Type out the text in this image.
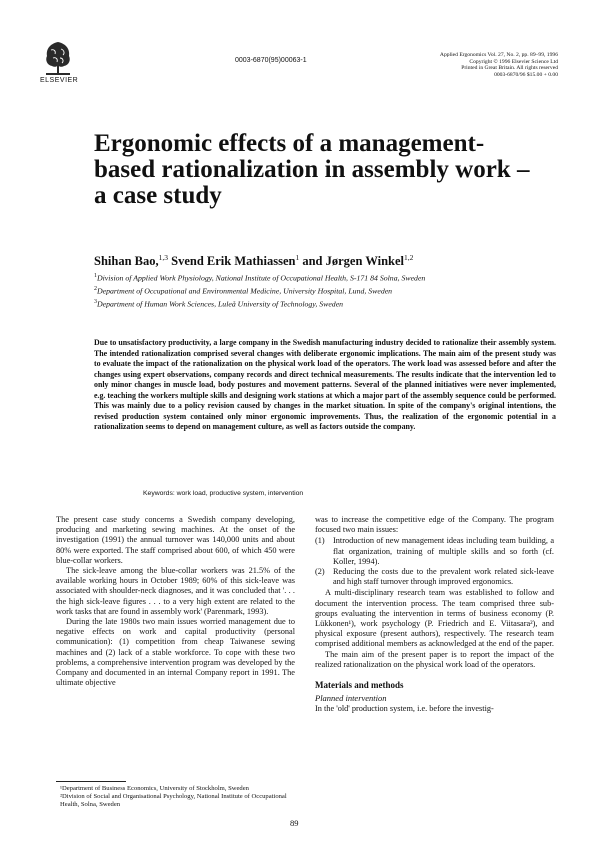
ELSEVIER
0003-6870(95)00063-1
Applied Ergonomics Vol. 27, No. 2, pp. 89–99, 1996
Copyright © 1996 Elsevier Science Ltd
Printed in Great Britain. All rights reserved
0003-6870/96 $15.00 + 0.00
Ergonomic effects of a management-based rationalization in assembly work – a case study
Shihan Bao,$^{1,3}$ Svend Erik Mathiassen$^1$ and Jørgen Winkel$^{1,2}$

$^1$Division of Applied Work Physiology, National Institute of Occupational Health, S-171 84 Solna, Sweden

$^2$Department of Occupational and Environmental Medicine, University Hospital, Lund, Sweden

$^3$Department of Human Work Sciences, Luleå University of Technology, Sweden

Due to unsatisfactory productivity, a large company in the Swedish manufacturing industry decided to rationalize their assembly system. The intended rationalization comprised several changes with deliberate ergonomic implications. The main aim of the present study was to evaluate the impact of the rationalization on the physical work load of the operators. The work load was assessed before and after the changes using expert observations, company records and direct technical measurements. The results indicate that the intervention led to only minor changes in muscle load, body postures and movement patterns. Several of the planned initiatives were never implemented, e.g. teaching the workers multiple skills and designing work stations at which a major part of the assembly sequence could be performed. This was mainly due to a policy revision caused by changes in the market situation. In spite of the company's original intentions, the revised production system contained only minor ergonomic improvements. Thus, the realization of the ergonomic potential in a rationalization seems to depend on management culture, as well as factors outside the company.

Keywords: work load, productive system, intervention

The present case study concerns a Swedish company developing, producing and marketing sewing machines. At the onset of the investigation (1991) the annual turnover was 140,000 units and about 80% were exported. The staff comprised about 600, of which 450 were blue-collar workers.

The sick-leave among the blue-collar workers was 21.5% of the available working hours in October 1989; 60% of this sick-leave was associated with shoulder-neck diagnoses, and it was concluded that '. . . the high sick-leave figures . . . to a very high extent are related to the work tasks that are found in assembly work' (Parenmark, 1993).

During the late 1980s two main issues worried management due to negative effects on work and capital productivity (personal communication): (1) competition from cheap Taiwanese sewing machines and (2) lack of a stable workforce. To cope with these two problems, a comprehensive intervention program was developed by the Company and documented in an internal Company report in 1991. The ultimate objective

¹Department of Business Economics, University of Stockholm, Sweden

²Division of Social and Organisational Psychology, National Institute of Occupational Health, Solna, Sweden

was to increase the competitive edge of the Company. The program focused two main issues:

(1) Introduction of new management ideas including team building, a flat organization, training of multiple skills and so forth (cf. Koller, 1994).
(2) Reducing the costs due to the prevalent work related sick-leave and high staff turnover through improved ergonomics.

A multi-disciplinary research team was established to follow and document the intervention process. The team comprised three sub-groups evaluating the intervention in terms of business economy (P. Lükkonen¹), work psychology (P. Friedrich and E. Viitasara²), and physical exposure (present authors), respectively. The research team comprised additional members as acknowledged at the end of the paper.

The main aim of the present paper is to report the impact of the realized rationalization on the physical work load of the operators.

Materials and methods
Planned intervention

In the 'old' production system, i.e. before the investig-

89
